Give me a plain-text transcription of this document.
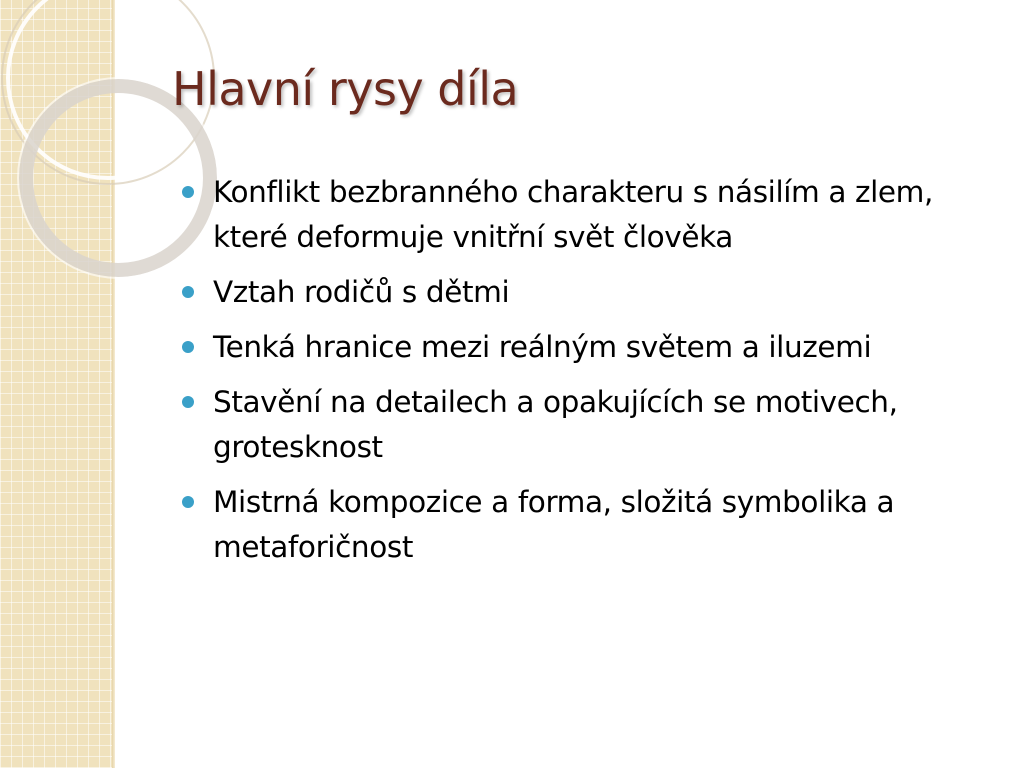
Hlavní rysy díla
Konflikt bezbranného charakteru s násilím a zlem, které deformuje vnitřní svět člověka
Vztah rodičů s dětmi
Tenká hranice mezi reálným světem a iluzemi
Stavění na detailech a opakujících se motivech, grotesknost
Mistrná kompozice a forma, složitá symbolika a metaforičnost
